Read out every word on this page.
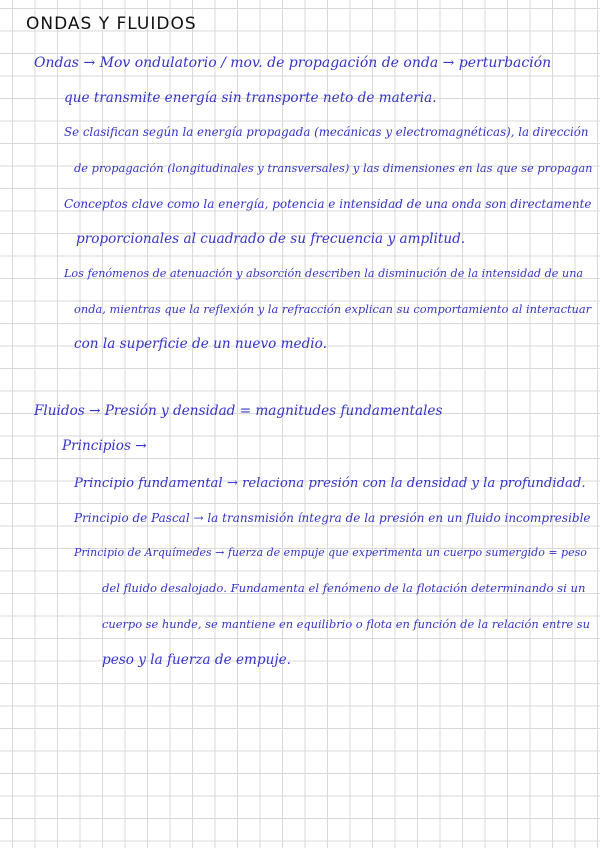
ONDAS Y FLUIDOS
Ondas → Mov ondulatorio / mov. de propagación de onda → perturbación
que transmite energía sin transporte neto de materia.
Se clasifican según la energía propagada (mecánicas y electromagnéticas), la dirección
de propagación (longitudinales y transversales) y las dimensiones en las que se propagan
Conceptos clave como la energía, potencia e intensidad de una onda son directamente
proporcionales al cuadrado de su frecuencia y amplitud.
Los fenómenos de atenuación y absorción describen la disminución de la intensidad de una
onda, mientras que la reflexión y la refracción explican su comportamiento al interactuar
con la superficie de un nuevo medio.
Fluidos → Presión y densidad = magnitudes fundamentales
Principios →
Principio fundamental → relaciona presión con la densidad y la profundidad.
Principio de Pascal → la transmisión íntegra de la presión en un fluido incompresible
Principio de Arquímedes → fuerza de empuje que experimenta un cuerpo sumergido = peso
del fluido desalojado. Fundamenta el fenómeno de la flotación determinando si un
cuerpo se hunde, se mantiene en equilibrio o flota en función de la relación entre su
peso y la fuerza de empuje.
